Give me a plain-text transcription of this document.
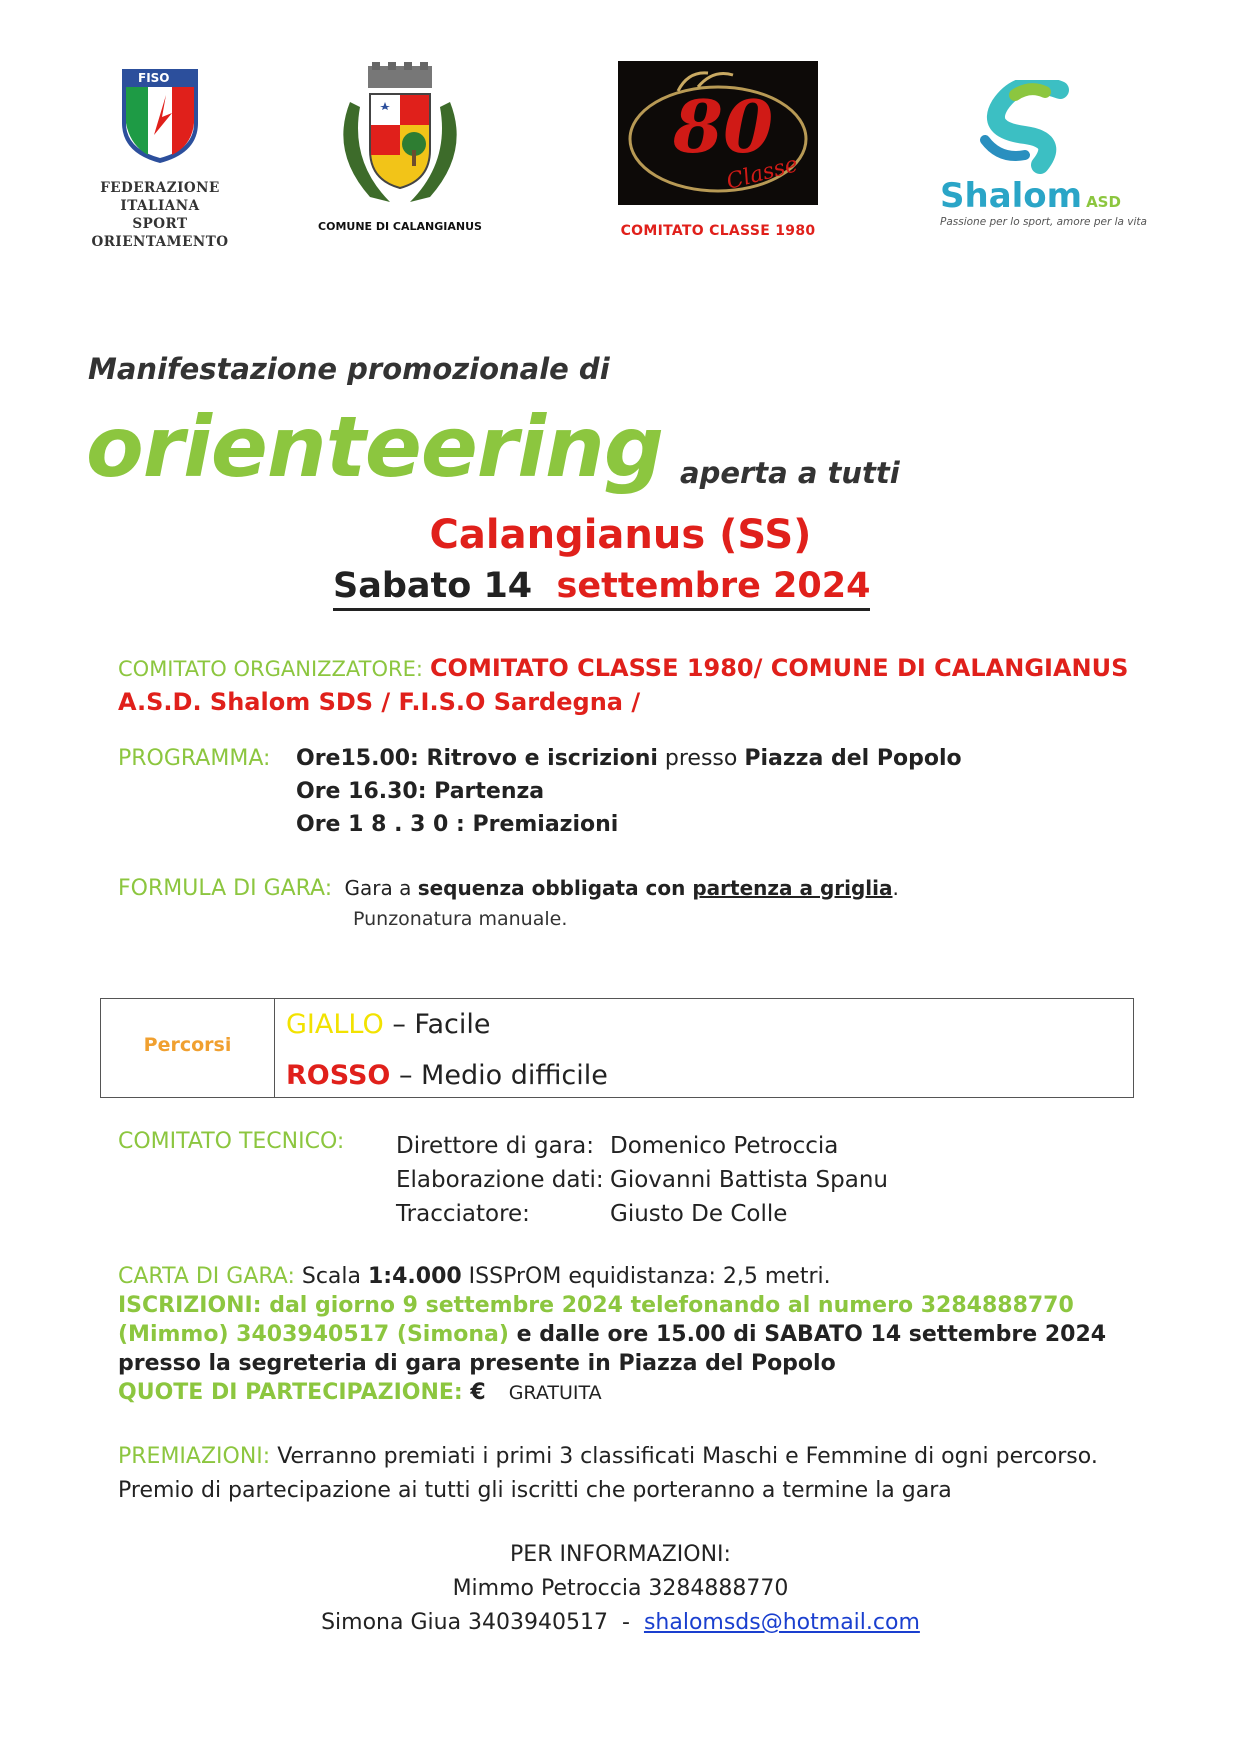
FISO
FEDERAZIONE
ITALIANA
SPORT
ORIENTAMENTO
COMUNE DI CALANGIANUS
80
Classe
COMITATO CLASSE 1980
Shalom ASD
Passione per lo sport, amore per la vita
Manifestazione promozionale di
orienteering aperta a tutti
Calangianus (SS)
Sabato 14 settembre 2024
COMITATO ORGANIZZATORE: COMITATO CLASSE 1980/ COMUNE DI CALANGIANUS
A.S.D. Shalom SDS / F.I.S.O Sardegna /
PROGRAMMA: Ore15.00: Ritrovo e iscrizioni presso Piazza del Popolo
Ore 16.30: Partenza
Ore 1 8 . 3 0 : Premiazioni
FORMULA DI GARA: Gara a sequenza obbligata con partenza a griglia.
Punzonatura manuale.
Percorsi
GIALLO – Facile
ROSSO – Medio difficile
COMITATO TECNICO: Direttore di gara:
Elaborazione dati:
Tracciatore:
Domenico Petroccia
Giovanni Battista Spanu
Giusto De Colle
CARTA DI GARA: Scala 1:4.000 ISSPrOM equidistanza: 2,5 metri.
ISCRIZIONI: dal giorno 9 settembre 2024 telefonando al numero 3284888770
(Mimmo) 3403940517 (Simona) e dalle ore 15.00 di SABATO 14 settembre 2024
presso la segreteria di gara presente in Piazza del Popolo
QUOTE DI PARTECIPAZIONE: €   GRATUITA
PREMIAZIONI: Verranno premiati i primi 3 classificati Maschi e Femmine di ogni percorso.
Premio di partecipazione ai tutti gli iscritti che porteranno a termine la gara
PER INFORMAZIONI:
Mimmo Petroccia 3284888770
Simona Giua 3403940517  -  shalomsds@hotmail.com
